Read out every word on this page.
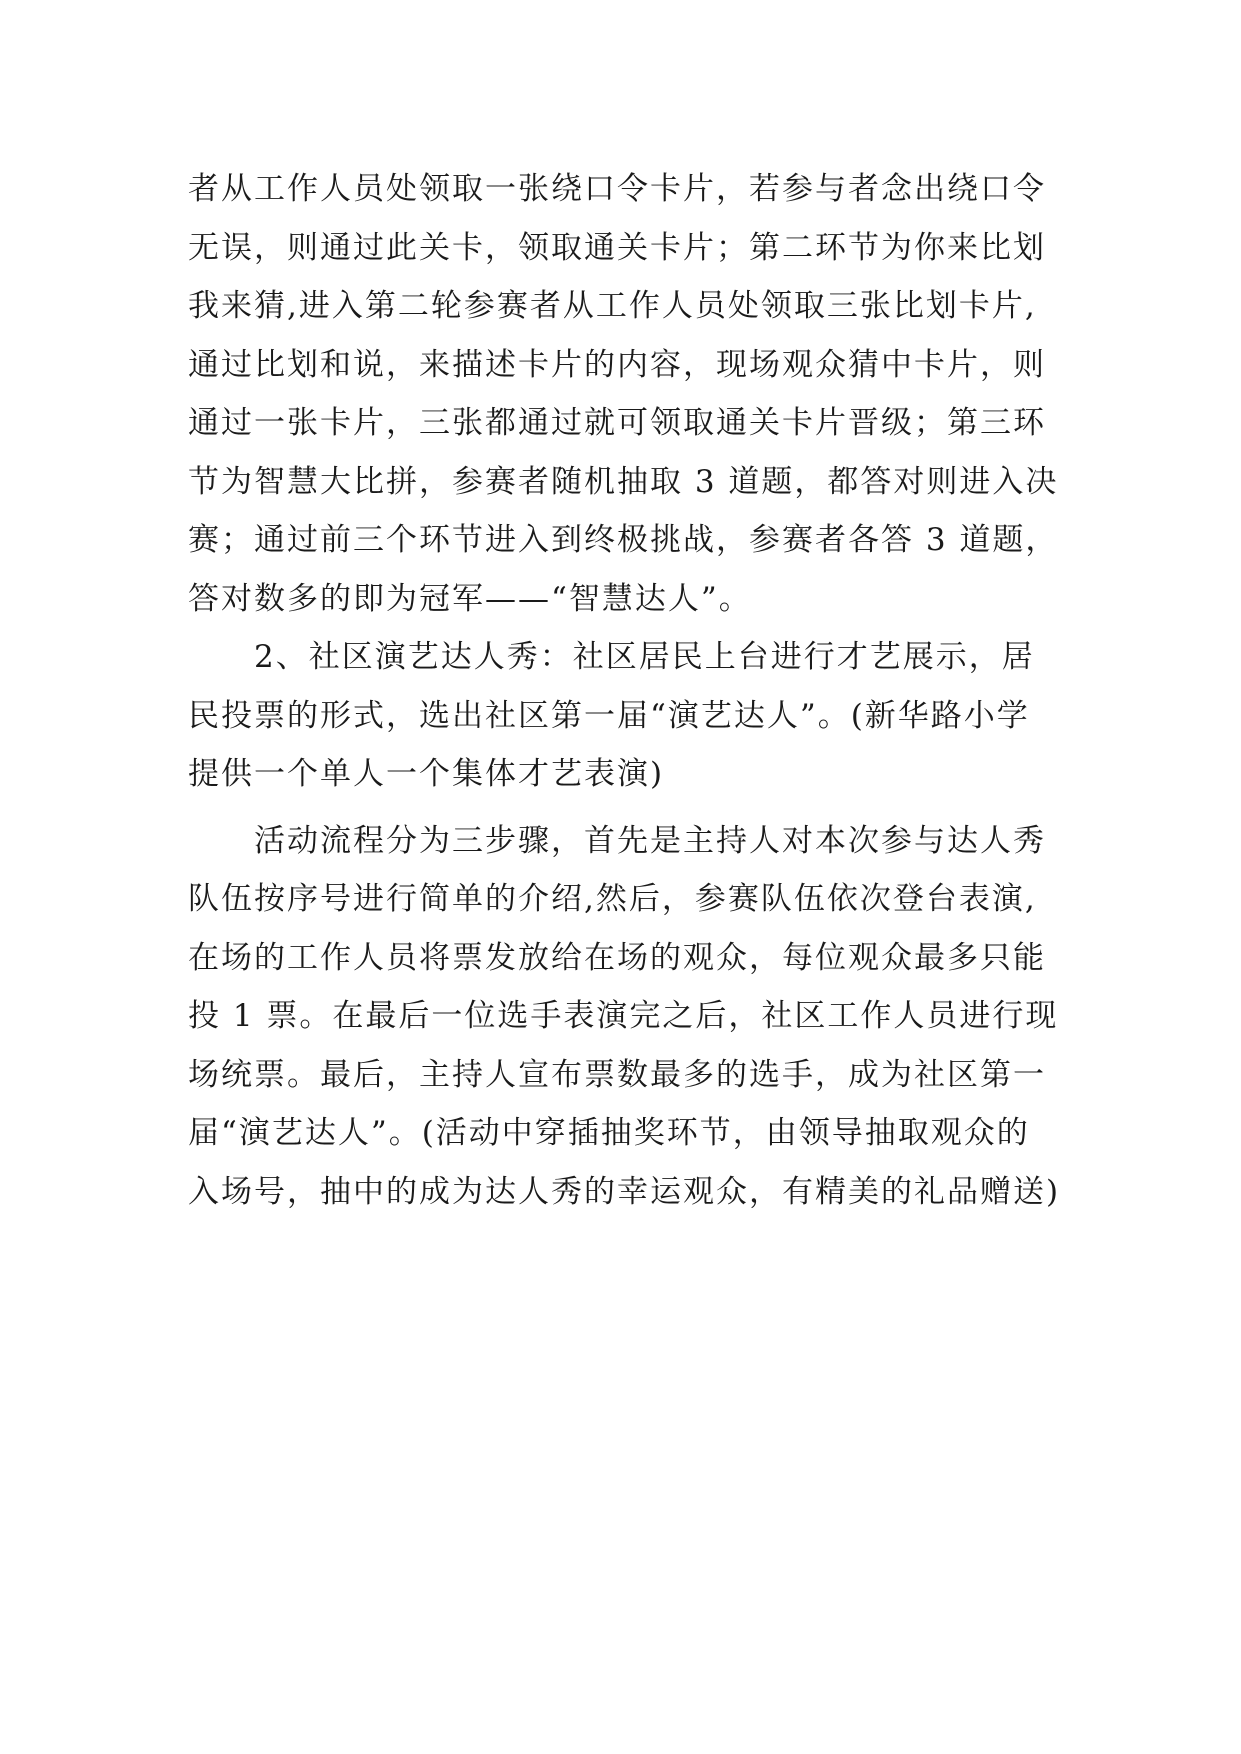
者从工作人员处领取一张绕口令卡片，若参与者念出绕口令
无误，则通过此关卡，领取通关卡片；第二环节为你来比划
我来猜,进入第二轮参赛者从工作人员处领取三张比划卡片,
通过比划和说，来描述卡片的内容，现场观众猜中卡片，则
通过一张卡片，三张都通过就可领取通关卡片晋级；第三环
节为智慧大比拼，参赛者随机抽取 3 道题，都答对则进入决
赛；通过前三个环节进入到终极挑战，参赛者各答 3 道题，
答对数多的即为冠军——“智慧达人”。
2、社区演艺达人秀：社区居民上台进行才艺展示，居
民投票的形式，选出社区第一届“演艺达人”。(新华路小学
提供一个单人一个集体才艺表演)
活动流程分为三步骤，首先是主持人对本次参与达人秀
队伍按序号进行简单的介绍,然后，参赛队伍依次登台表演,
在场的工作人员将票发放给在场的观众，每位观众最多只能
投 1 票。在最后一位选手表演完之后，社区工作人员进行现
场统票。最后，主持人宣布票数最多的选手，成为社区第一
届“演艺达人”。(活动中穿插抽奖环节，由领导抽取观众的
入场号，抽中的成为达人秀的幸运观众，有精美的礼品赠送)
